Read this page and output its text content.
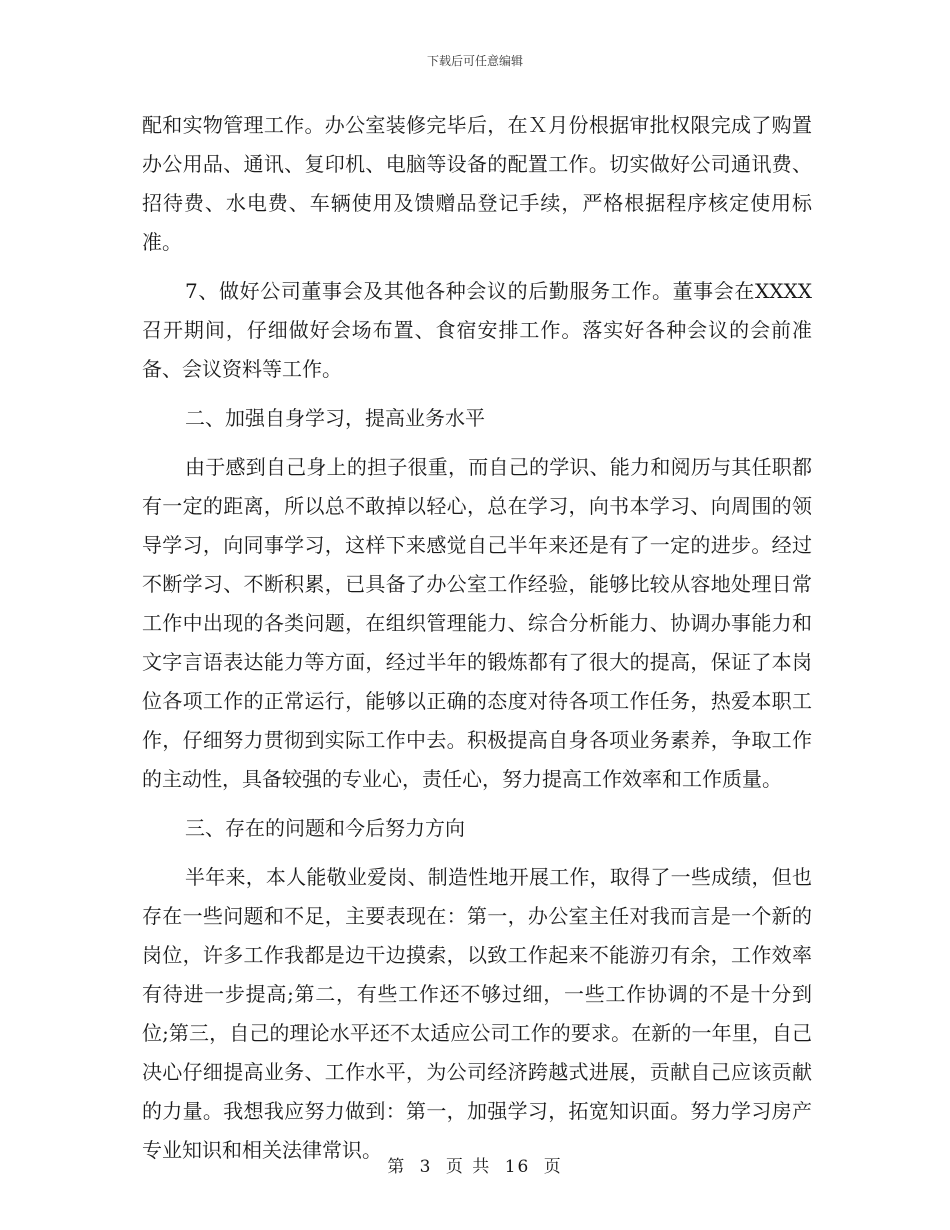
下载后可任意编辑

配和实物管理工作。办公室装修完毕后，在Ｘ月份根据审批权限完成了购置办公用品、通讯、复印机、电脑等设备的配置工作。切实做好公司通讯费、招待费、水电费、车辆使用及馈赠品登记手续，严格根据程序核定使用标准。

7、做好公司董事会及其他各种会议的后勤服务工作。董事会在XXXX召开期间，仔细做好会场布置、食宿安排工作。落实好各种会议的会前准备、会议资料等工作。

二、加强自身学习，提高业务水平

由于感到自己身上的担子很重，而自己的学识、能力和阅历与其任职都有一定的距离，所以总不敢掉以轻心，总在学习，向书本学习、向周围的领导学习，向同事学习，这样下来感觉自己半年来还是有了一定的进步。经过不断学习、不断积累，已具备了办公室工作经验，能够比较从容地处理日常工作中出现的各类问题，在组织管理能力、综合分析能力、协调办事能力和文字言语表达能力等方面，经过半年的锻炼都有了很大的提高，保证了本岗位各项工作的正常运行，能够以正确的态度对待各项工作任务，热爱本职工作，仔细努力贯彻到实际工作中去。积极提高自身各项业务素养，争取工作的主动性，具备较强的专业心，责任心，努力提高工作效率和工作质量。

三、存在的问题和今后努力方向

半年来，本人能敬业爱岗、制造性地开展工作，取得了一些成绩，但也存在一些问题和不足，主要表现在：第一，办公室主任对我而言是一个新的岗位，许多工作我都是边干边摸索，以致工作起来不能游刃有余，工作效率有待进一步提高;第二，有些工作还不够过细，一些工作协调的不是十分到位;第三，自己的理论水平还不太适应公司工作的要求。在新的一年里，自己决心仔细提高业务、工作水平，为公司经济跨越式进展，贡献自己应该贡献的力量。我想我应努力做到：第一，加强学习，拓宽知识面。努力学习房产专业知识和相关法律常识。

第 3 页 共 16 页
